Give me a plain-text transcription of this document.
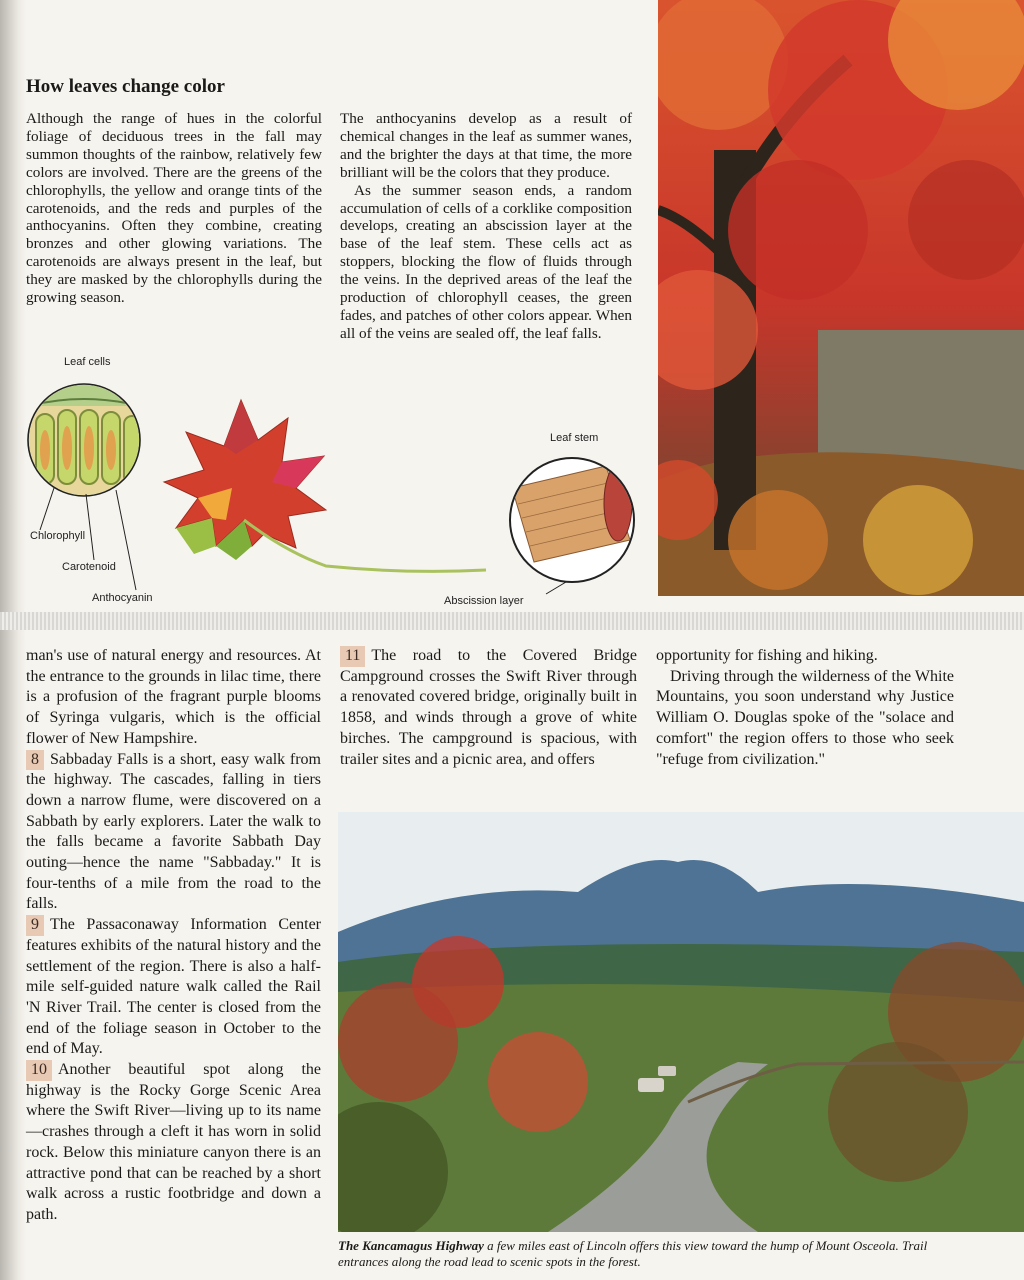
How leaves change color

Although the range of hues in the colorful foliage of deciduous trees in the fall may summon thoughts of the rainbow, relatively few colors are involved. There are the greens of the chlorophylls, the yellow and orange tints of the carotenoids, and the reds and purples of the anthocyanins. Often they combine, creating bronzes and other glowing variations. The carotenoids are always present in the leaf, but they are masked by the chlorophylls during the growing season.

The anthocyanins develop as a result of chemical changes in the leaf as summer wanes, and the brighter the days at that time, the more brilliant will be the colors that they produce.

As the summer season ends, a random accumulation of cells of a corklike composition develops, creating an abscission layer at the base of the leaf stem. These cells act as stoppers, blocking the flow of fluids through the veins. In the deprived areas of the leaf the production of chlorophyll ceases, the green fades, and patches of other colors appear. When all of the veins are sealed off, the leaf falls.

Leaf cells
Chlorophyll
Carotenoid
Anthocyanin
Leaf stem
Abscission layer

man's use of natural energy and resources. At the entrance to the grounds in lilac time, there is a profusion of the fragrant purple blooms of Syringa vulgaris, which is the official flower of New Hampshire.

8 Sabbaday Falls is a short, easy walk from the highway. The cascades, falling in tiers down a narrow flume, were discovered on a Sabbath by early explorers. Later the walk to the falls became a favorite Sabbath Day outing—hence the name "Sabbaday." It is four-tenths of a mile from the road to the falls.

9 The Passaconaway Information Center features exhibits of the natural history and the settlement of the region. There is also a half-mile self-guided nature walk called the Rail 'N River Trail. The center is closed from the end of the foliage season in October to the end of May.

10 Another beautiful spot along the highway is the Rocky Gorge Scenic Area where the Swift River—living up to its name—crashes through a cleft it has worn in solid rock. Below this miniature canyon there is an attractive pond that can be reached by a short walk across a rustic footbridge and down a path.

11 The road to the Covered Bridge Campground crosses the Swift River through a renovated covered bridge, originally built in 1858, and winds through a grove of white birches. The campground is spacious, with trailer sites and a picnic area, and offers

opportunity for fishing and hiking.

Driving through the wilderness of the White Mountains, you soon understand why Justice William O. Douglas spoke of the "solace and comfort" the region offers to those who seek "refuge from civilization."

The Kancamagus Highway a few miles east of Lincoln offers this view toward the hump of Mount Osceola. Trail entrances along the road lead to scenic spots in the forest.
